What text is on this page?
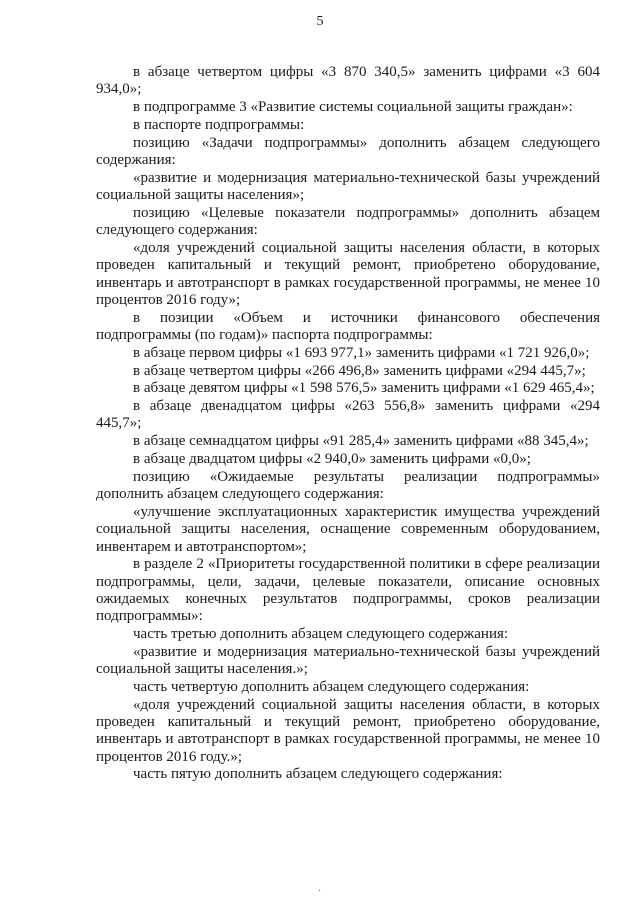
5

в абзаце четвертом цифры «3 870 340,5» заменить цифрами «3 604 934,0»;

в подпрограмме 3 «Развитие системы социальной защиты граждан»:

в паспорте подпрограммы:

позицию «Задачи подпрограммы» дополнить абзацем следующего содержания:

«развитие и модернизация материально-технической базы учреждений социальной защиты населения»;

позицию «Целевые показатели подпрограммы» дополнить абзацем следующего содержания:

«доля учреждений социальной защиты населения области, в которых проведен капитальный и текущий ремонт, приобретено оборудование, инвентарь и автотранспорт в рамках государственной программы, не менее 10 процентов 2016 году»;

в позиции «Объем и источники финансового обеспечения подпрограммы (по годам)» паспорта подпрограммы:

в абзаце первом цифры «1 693 977,1» заменить цифрами «1 721 926,0»;

в абзаце четвертом цифры «266 496,8» заменить цифрами «294 445,7»;

в абзаце девятом цифры «1 598 576,5» заменить цифрами «1 629 465,4»;

в абзаце двенадцатом цифры «263 556,8» заменить цифрами «294 445,7»;

в абзаце семнадцатом цифры «91 285,4» заменить цифрами «88 345,4»;

в абзаце двадцатом цифры «2 940,0» заменить цифрами «0,0»;

позицию «Ожидаемые результаты реализации подпрограммы» дополнить абзацем следующего содержания:

«улучшение эксплуатационных характеристик имущества учреждений социальной защиты населения, оснащение современным оборудованием, инвентарем и автотранспортом»;

в разделе 2 «Приоритеты государственной политики в сфере реализации подпрограммы, цели, задачи, целевые показатели, описание основных ожидаемых конечных результатов подпрограммы, сроков реализации подпрограммы»:

часть третью дополнить абзацем следующего содержания:

«развитие и модернизация материально-технической базы учреждений социальной защиты населения.»;

часть четвертую дополнить абзацем следующего содержания:

«доля учреждений социальной защиты населения области, в которых проведен капитальный и текущий ремонт, приобретено оборудование, инвентарь и автотранспорт в рамках государственной программы, не менее 10 процентов 2016 году.»;

часть пятую дополнить абзацем следующего содержания:

·
